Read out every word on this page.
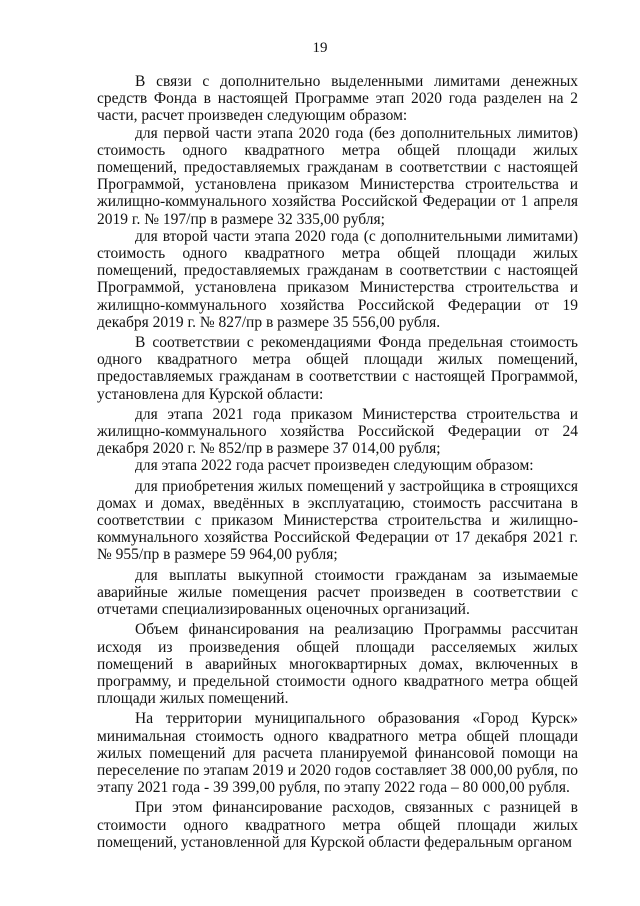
19

В связи с дополнительно выделенными лимитами денежных средств Фонда в настоящей Программе этап 2020 года разделен на 2 части, расчет произведен следующим образом:

для первой части этапа 2020 года (без дополнительных лимитов) стоимость одного квадратного метра общей площади жилых помещений, предоставляемых гражданам в соответствии с настоящей Программой, установлена приказом Министерства строительства и жилищно-коммунального хозяйства Российской Федерации от 1 апреля 2019 г. № 197/пр в размере 32 335,00 рубля;

для второй части этапа 2020 года (с дополнительными лимитами) стоимость одного квадратного метра общей площади жилых помещений, предоставляемых гражданам в соответствии с настоящей Программой, установлена приказом Министерства строительства и жилищно-коммунального хозяйства Российской Федерации от 19 декабря 2019 г. № 827/пр в размере 35 556,00 рубля.

В соответствии с рекомендациями Фонда предельная стоимость одного квадратного метра общей площади жилых помещений, предоставляемых гражданам в соответствии с настоящей Программой, установлена для Курской области:

для этапа 2021 года приказом Министерства строительства и жилищно-коммунального хозяйства Российской Федерации от 24 декабря 2020 г. № 852/пр в размере 37 014,00 рубля;

для этапа 2022 года расчет произведен следующим образом:

для приобретения жилых помещений у застройщика в строящихся домах и домах, введённых в эксплуатацию, стоимость рассчитана в соответствии с приказом Министерства строительства и жилищно-коммунального хозяйства Российской Федерации от 17 декабря 2021 г. № 955/пр в размере 59 964,00 рубля;

для выплаты выкупной стоимости гражданам за изымаемые аварийные жилые помещения расчет произведен в соответствии с отчетами специализированных оценочных организаций.

Объем финансирования на реализацию Программы рассчитан исходя из произведения общей площади расселяемых жилых помещений в аварийных многоквартирных домах, включенных в программу, и предельной стоимости одного квадратного метра общей площади жилых помещений.

На территории муниципального образования «Город Курск» минимальная стоимость одного квадратного метра общей площади жилых помещений для расчета планируемой финансовой помощи на переселение по этапам 2019 и 2020 годов составляет 38 000,00 рубля, по этапу 2021 года - 39 399,00 рубля, по этапу 2022 года – 80 000,00 рубля.

При этом финансирование расходов, связанных с разницей в стоимости одного квадратного метра общей площади жилых помещений, установленной для Курской области федеральным органом
